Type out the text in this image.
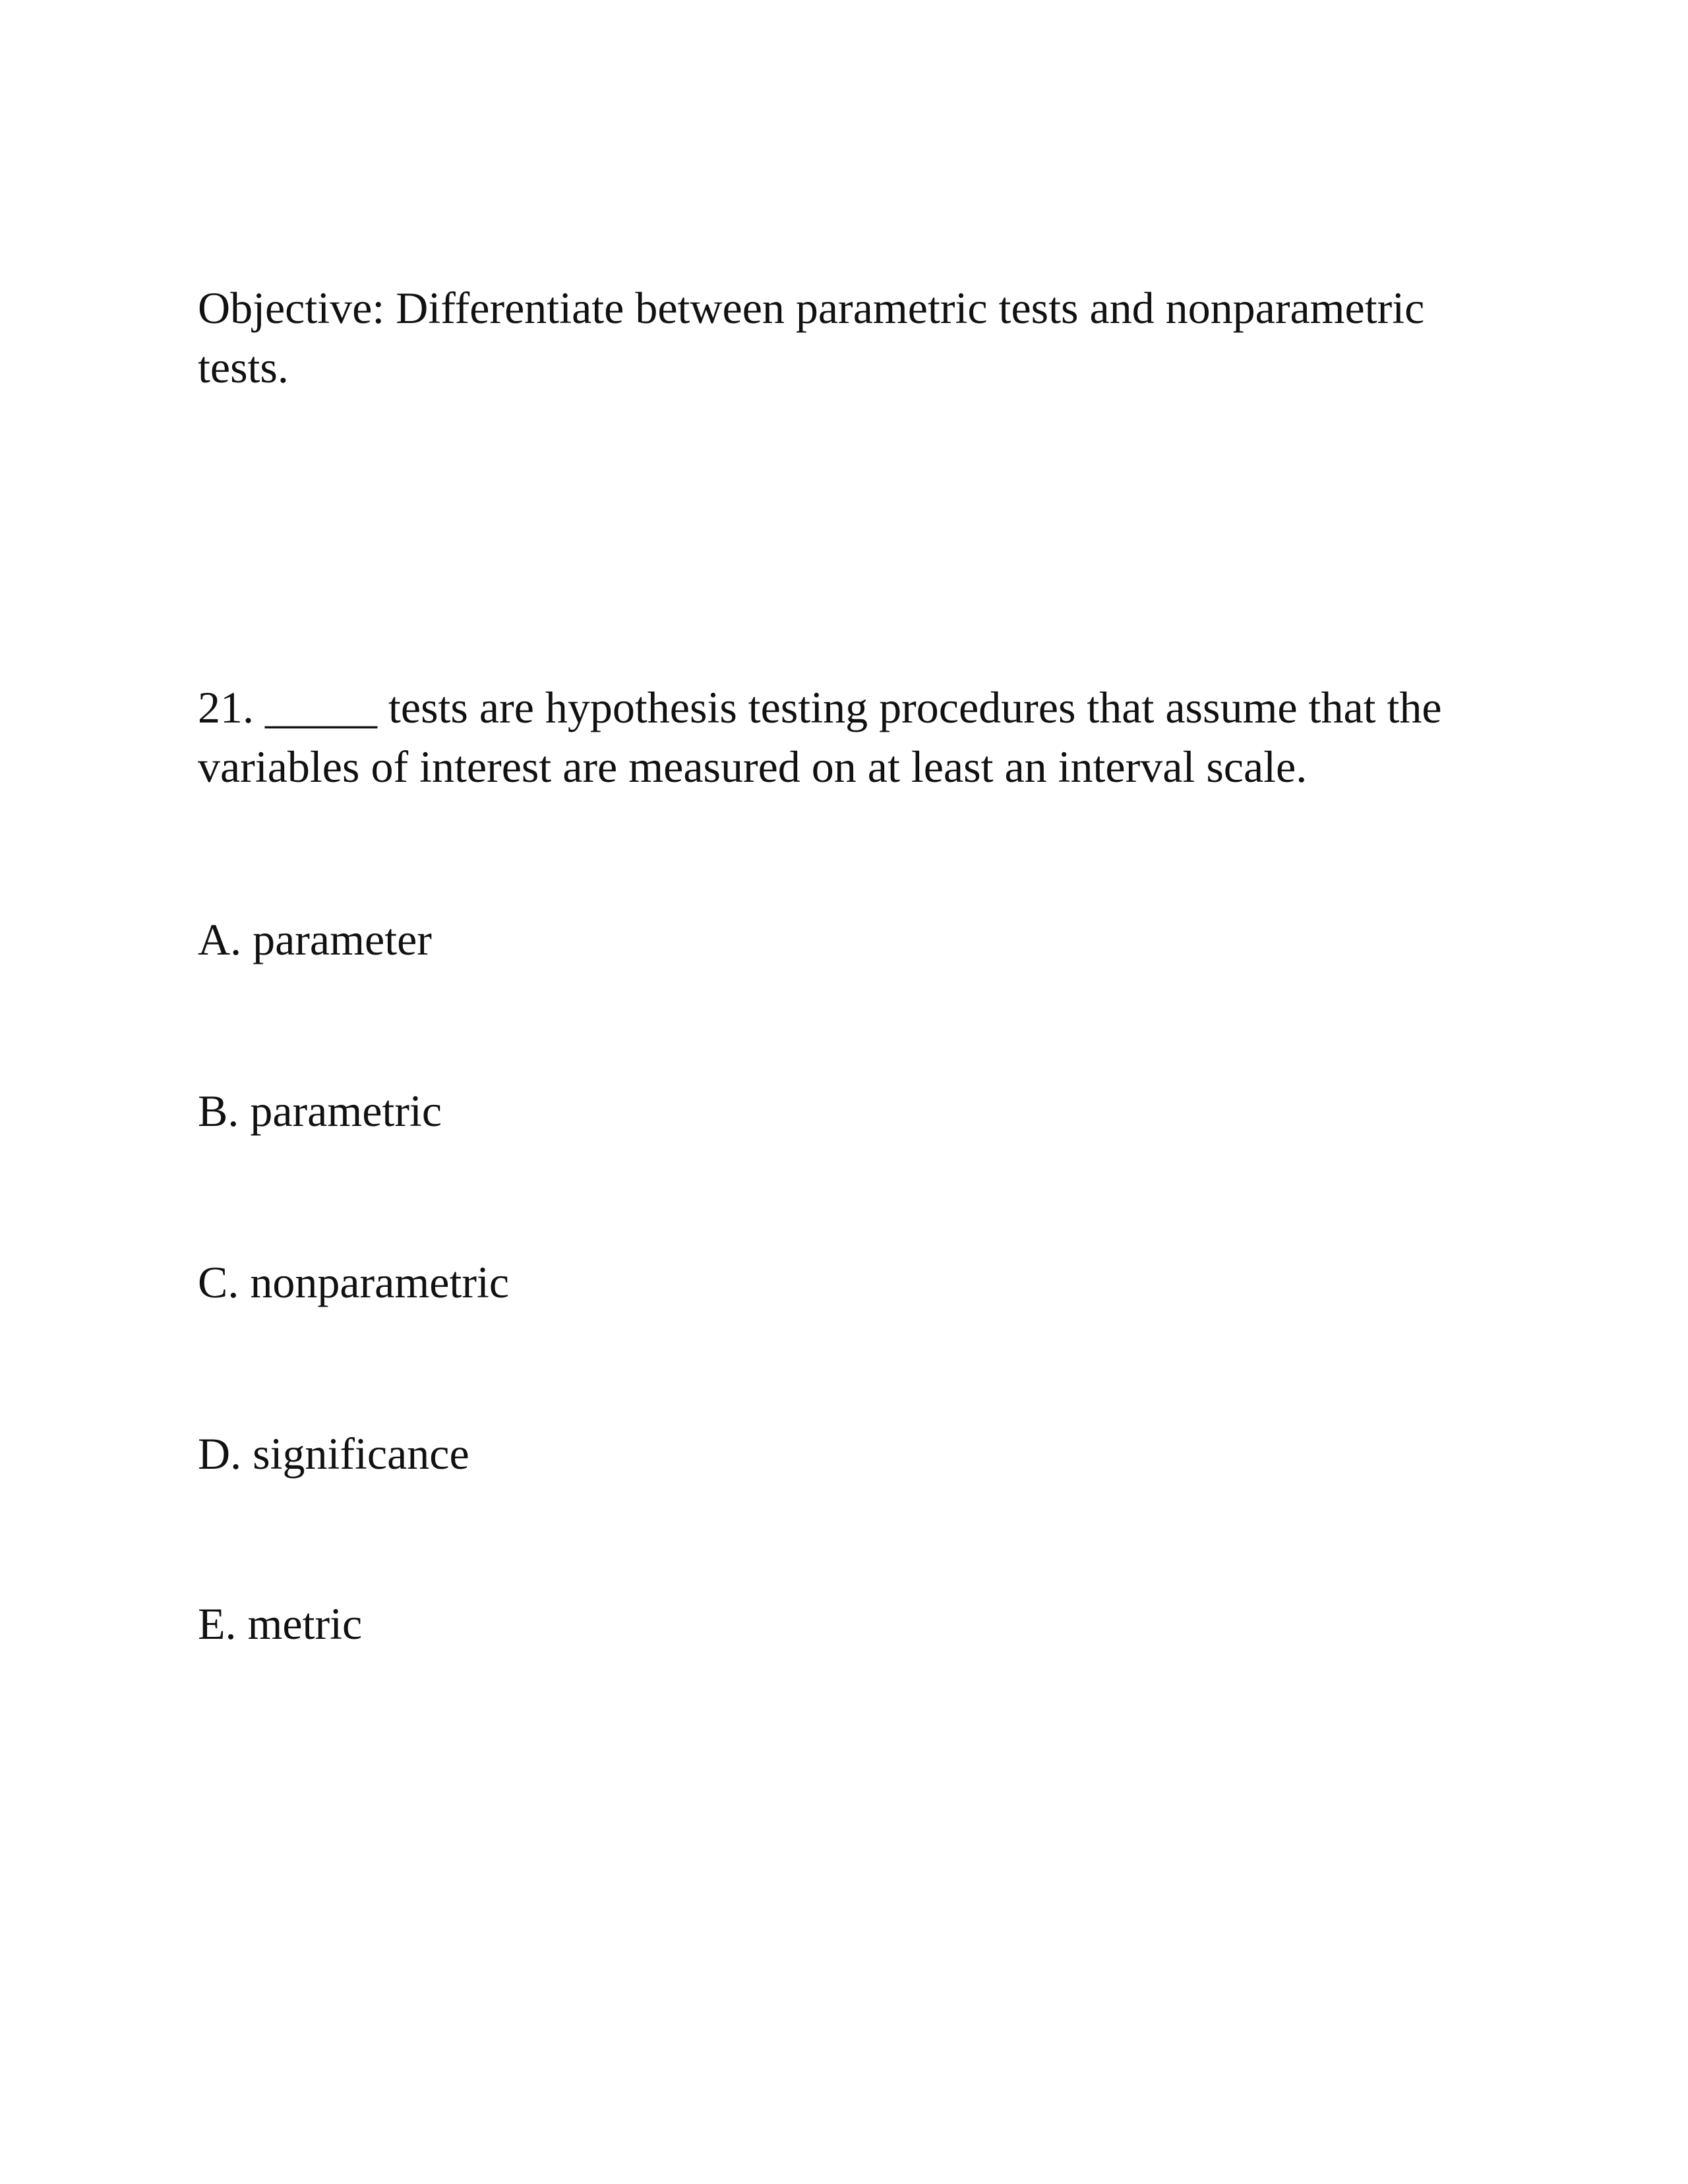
Objective: Differentiate between parametric tests and nonparametric tests.
21. _____ tests are hypothesis testing procedures that assume that the variables of interest are measured on at least an interval scale.
A. parameter
B. parametric
C. nonparametric
D. significance
E. metric
